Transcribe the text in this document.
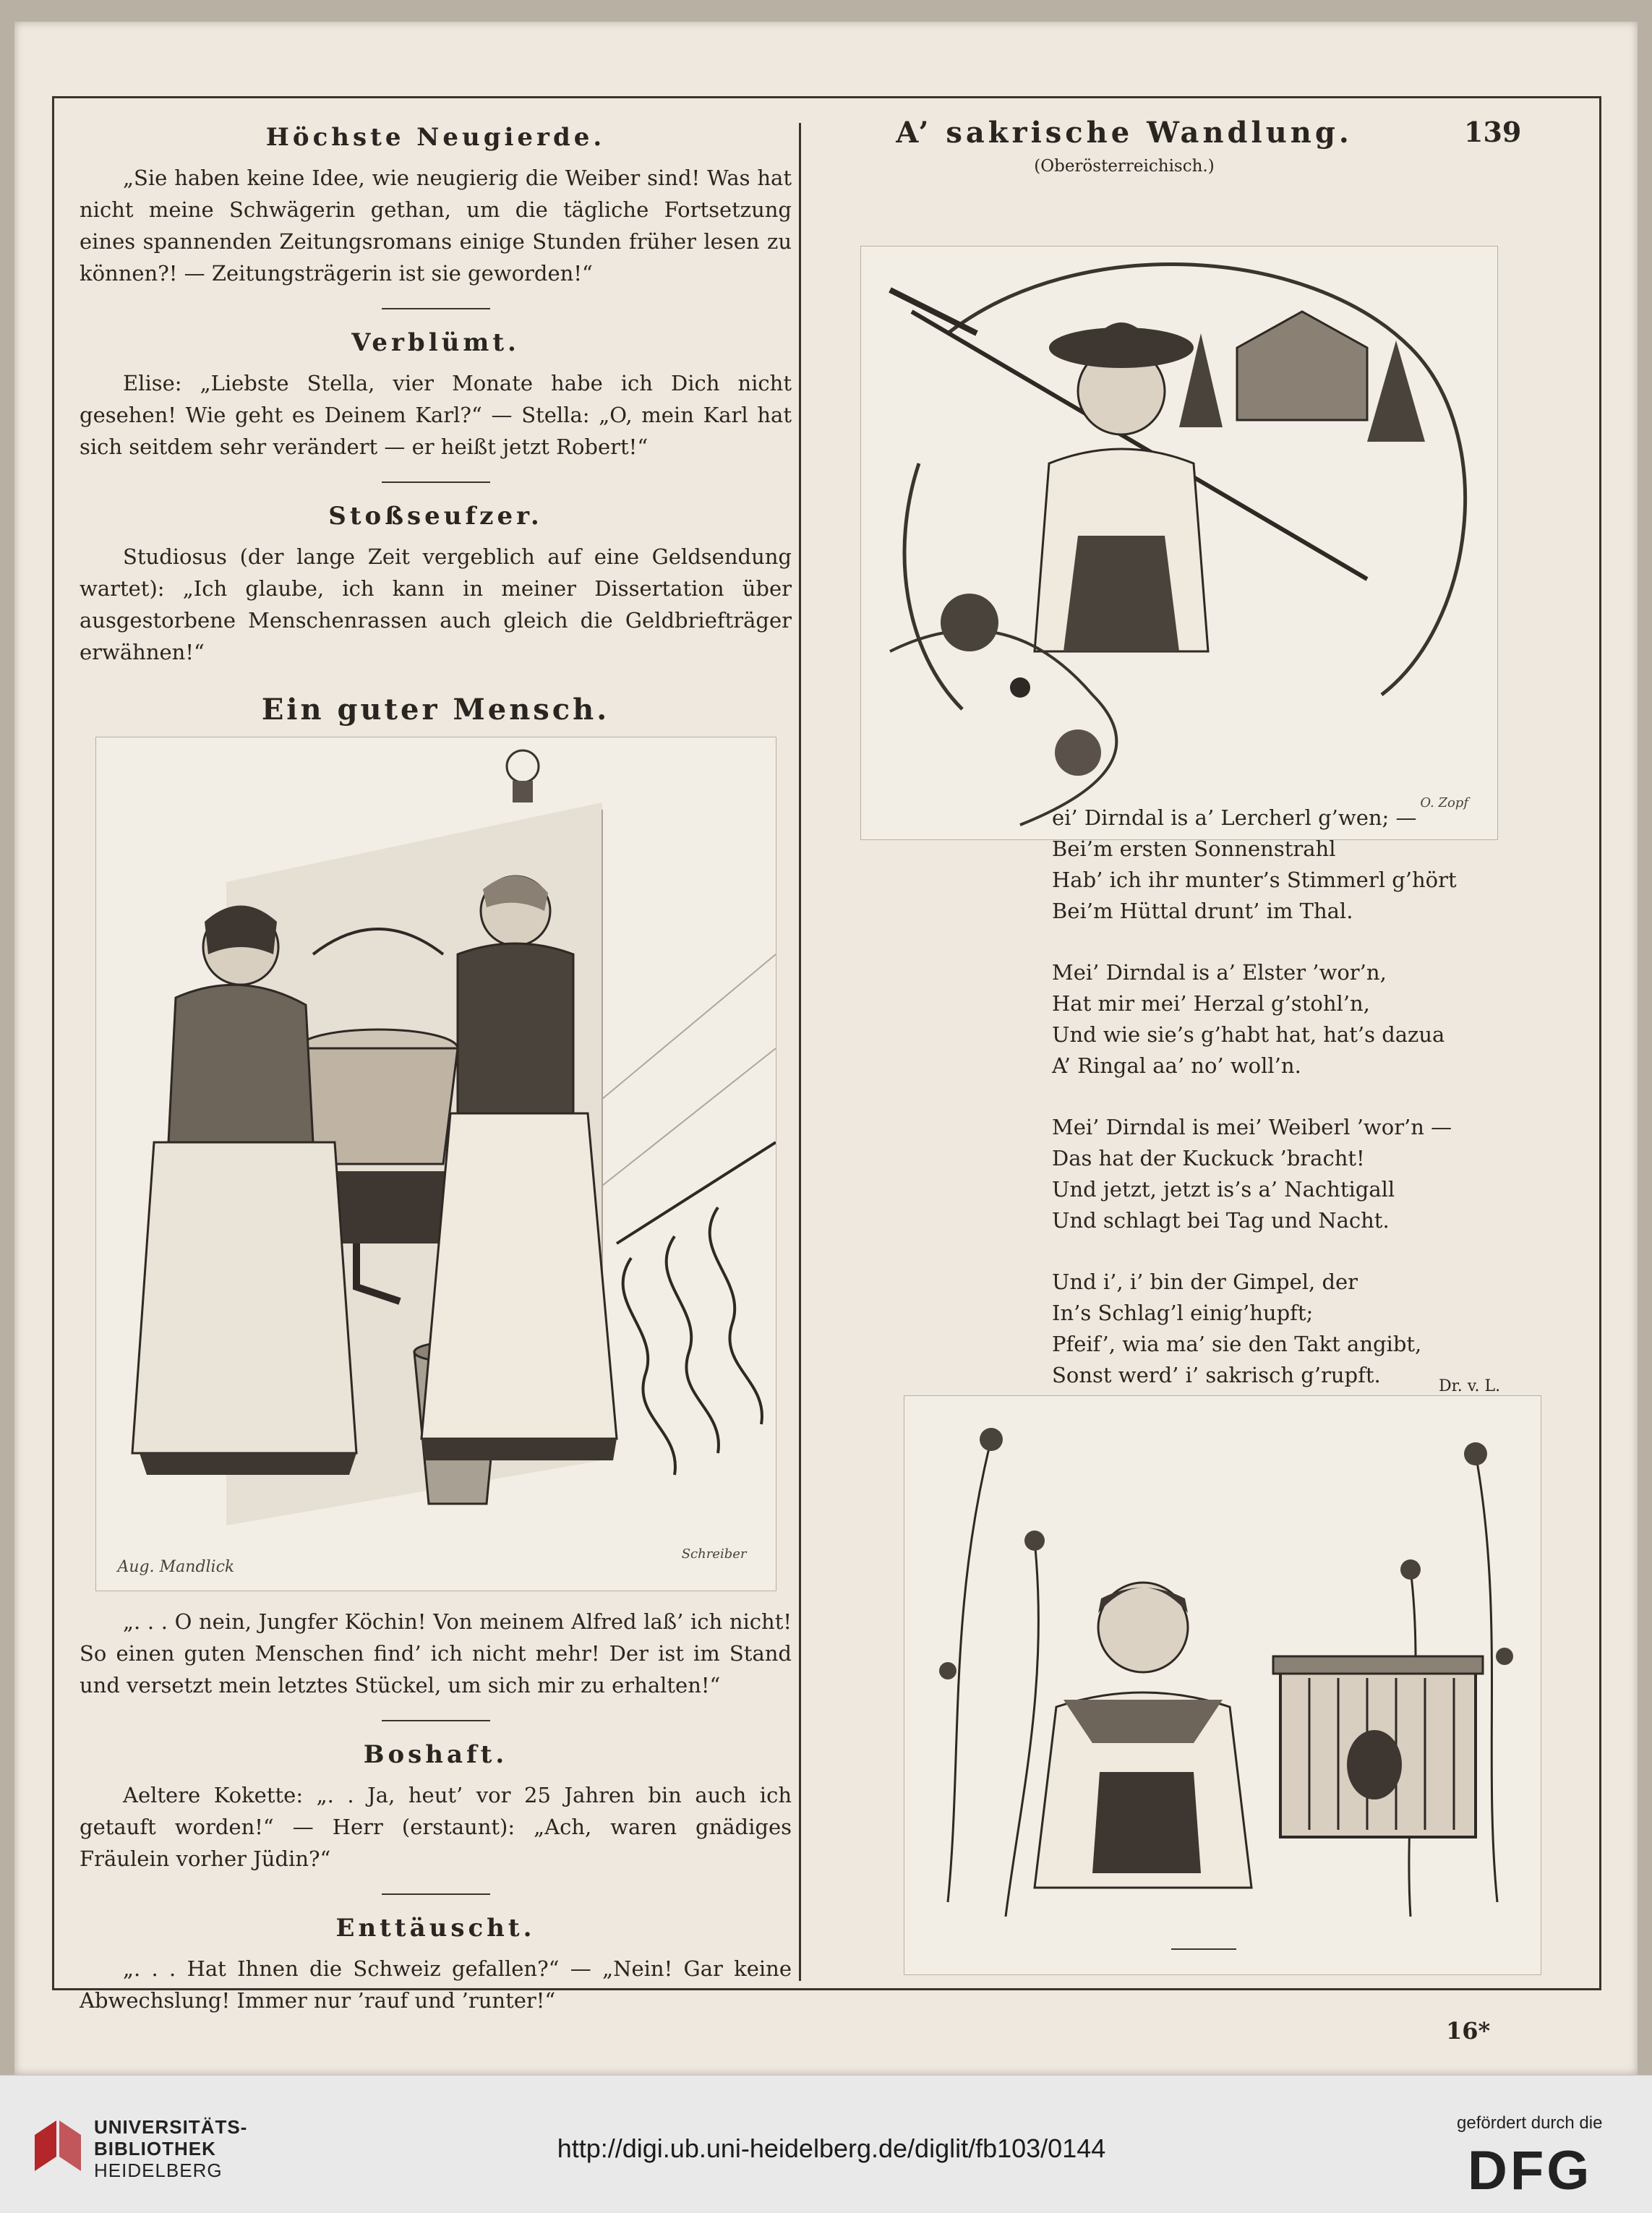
139
Höchste Neugierde.

„Sie haben keine Idee, wie neugierig die Weiber sind! Was hat nicht meine Schwägerin gethan, um die tägliche Fortsetzung eines spannenden Zeitungsromans einige Stunden früher lesen zu können?! — Zeitungsträgerin ist sie geworden!“

Verblümt.

Elise: „Liebste Stella, vier Monate habe ich Dich nicht gesehen! Wie geht es Deinem Karl?“ — Stella: „O, mein Karl hat sich seitdem sehr verändert — er heißt jetzt Robert!“

Stoßseufzer.

Studiosus (der lange Zeit vergeblich auf eine Geldsendung wartet): „Ich glaube, ich kann in meiner Dissertation über ausgestorbene Menschenrassen auch gleich die Geldbriefträger erwähnen!“

Ein guter Mensch.
Aug. Mandlick
Schreiber

„. . . O nein, Jungfer Köchin! Von meinem Alfred laß’ ich nicht! So einen guten Menschen find’ ich nicht mehr! Der ist im Stand und versetzt mein letztes Stückel, um sich mir zu erhalten!“

Boshaft.

Aeltere Kokette: „. . Ja, heut’ vor 25 Jahren bin auch ich getauft worden!“ — Herr (erstaunt): „Ach, waren gnädiges Fräulein vorher Jüdin?“

Enttäuscht.

„. . . Hat Ihnen die Schweiz gefallen?“ — „Nein! Gar keine Abwechslung! Immer nur ’rauf und ’runter!“

A’ sakrische Wandlung.
(Oberösterreichisch.)
O. Zopf
ei’ Dirndal is a’ Lercherl g’wen; —
Bei’m ersten Sonnenstrahl
Hab’ ich ihr munter’s Stimmerl g’hört
Bei’m Hüttal drunt’ im Thal.
Mei’ Dirndal is a’ Elster ’wor’n,
Hat mir mei’ Herzal g’stohl’n,
Und wie sie’s g’habt hat, hat’s dazua
A’ Ringal aa’ no’ woll’n.
Mei’ Dirndal is mei’ Weiberl ’wor’n —
Das hat der Kuckuck ’bracht!
Und jetzt, jetzt is’s a’ Nachtigall
Und schlagt bei Tag und Nacht.
Und i’, i’ bin der Gimpel, der
In’s Schlag’l einig’hupft;
Pfeif’, wia ma’ sie den Takt angibt,
Sonst werd’ i’ sakrisch g’rupft.	Dr. v. L.
16*
UNIVERSITÄTS-
BIBLIOTHEK
HEIDELBERG
http://digi.ub.uni-heidelberg.de/diglit/fb103/0144
gefördert durch die
DFG
